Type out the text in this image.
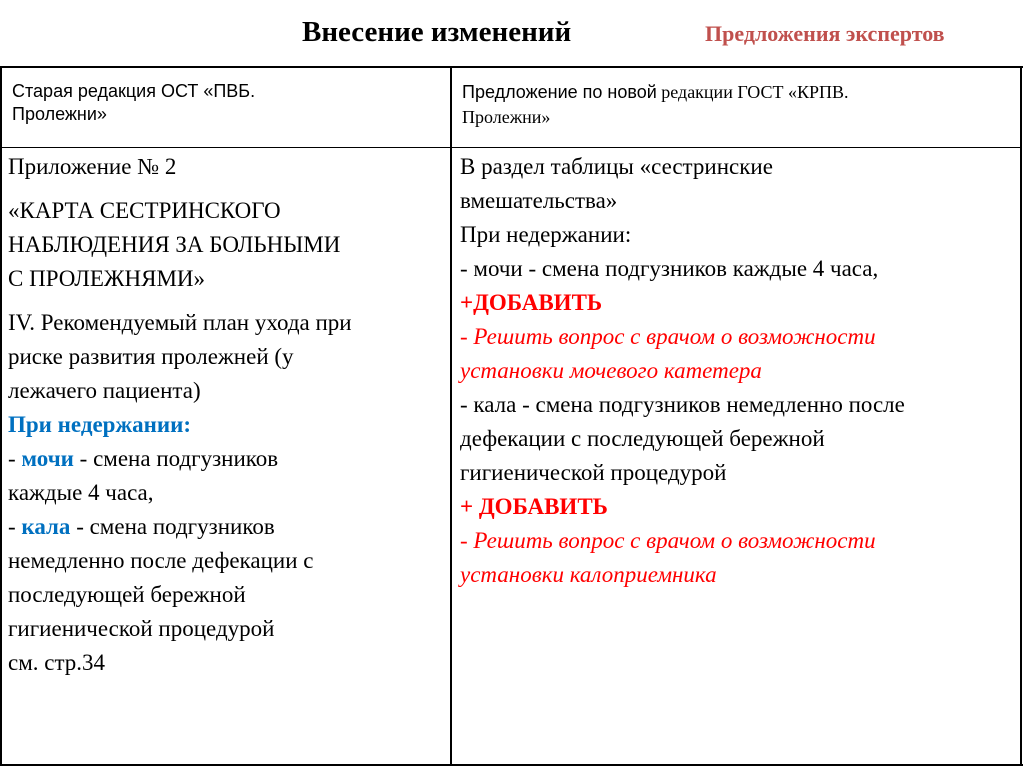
Внесение изменений	Предложения экспертов

Старая редакция ОСТ «ПВБ.

Пролежни»

Предложение по новой редакции ГОСТ «КРПВ.

Пролежни»

Приложение № 2

«КАРТА СЕСТРИНСКОГО

НАБЛЮДЕНИЯ ЗА БОЛЬНЫМИ

С ПРОЛЕЖНЯМИ»

IV. Рекомендуемый план ухода при

риске развития пролежней (у

лежачего пациента)

При недержании:

- мочи - смена подгузников

каждые 4 часа,

- кала - смена подгузников

немедленно после дефекации с

последующей бережной

гигиенической процедурой

см. стр.34

В раздел таблицы «сестринские

вмешательства»

При недержании:

- мочи - смена подгузников каждые 4 часа,

+ДОБАВИТЬ

- Решить вопрос с врачом о возможности

установки мочевого катетера

- кала - смена подгузников немедленно после

дефекации с последующей бережной

гигиенической процедурой

+ ДОБАВИТЬ

- Решить вопрос с врачом о возможности

установки калоприемника
